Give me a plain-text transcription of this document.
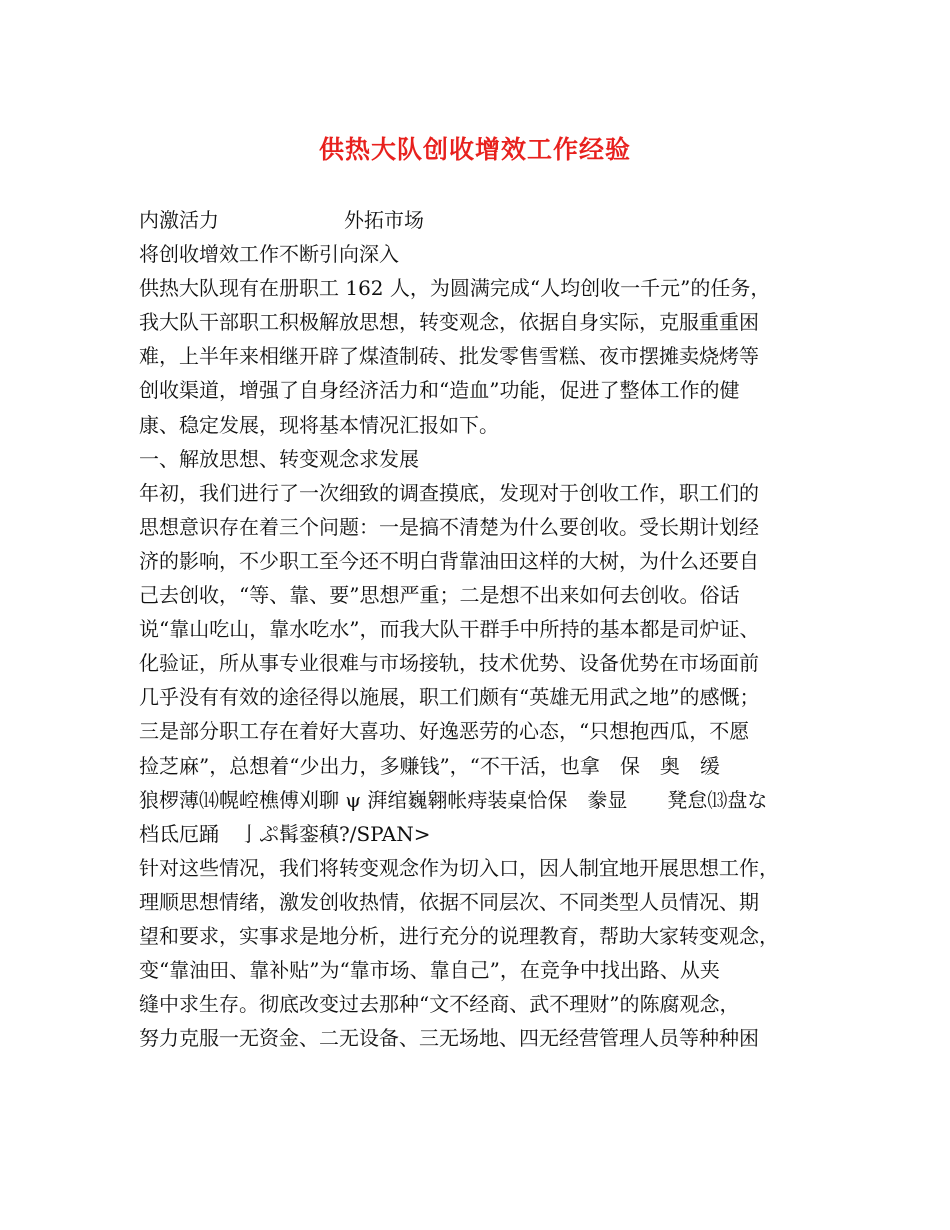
供热大队创收增效工作经验
内激活力	外拓市场
将创收增效工作不断引向深入
供热大队现有在册职工 162 人，为圆满完成“人均创收一千元”的任务，
我大队干部职工积极解放思想，转变观念，依据自身实际，克服重重困
难，上半年来相继开辟了煤渣制砖、批发零售雪糕、夜市摆摊卖烧烤等
创收渠道，增强了自身经济活力和“造血”功能，促进了整体工作的健
康、稳定发展，现将基本情况汇报如下。
一、解放思想、转变观念求发展
年初，我们进行了一次细致的调查摸底，发现对于创收工作，职工们的
思想意识存在着三个问题：一是搞不清楚为什么要创收。受长期计划经
济的影响，不少职工至今还不明白背靠油田这样的大树，为什么还要自
己去创收，“等、靠、要”思想严重；二是想不出来如何去创收。俗话
说“靠山吃山，靠水吃水”，而我大队干群手中所持的基本都是司炉证、
化验证，所从事专业很难与市场接轨，技术优势、设备优势在市场面前
几乎没有有效的途径得以施展，职工们颇有“英雄无用武之地”的感慨；
三是部分职工存在着好大喜功、好逸恶劳的心态，“只想抱西瓜，不愿
捡芝麻”，总想着“少出力，多赚钱”，“不干活，也拿　保　奥　缓
狼椤薄⒁幌崆樵傅刈聊 ψ 湃绾巍翱帐痔装桌恰保　豢显　　凳怠⒀盘な
档氐厄踊　亅ぷ髯銮稹?/SPAN>
针对这些情况，我们将转变观念作为切入口，因人制宜地开展思想工作，
理顺思想情绪，激发创收热情，依据不同层次、不同类型人员情况、期
望和要求，实事求是地分析，进行充分的说理教育，帮助大家转变观念，
变“靠油田、靠补贴”为“靠市场、靠自己”，在竞争中找出路、从夹
缝中求生存。彻底改变过去那种“文不经商、武不理财”的陈腐观念，
努力克服一无资金、二无设备、三无场地、四无经营管理人员等种种困
